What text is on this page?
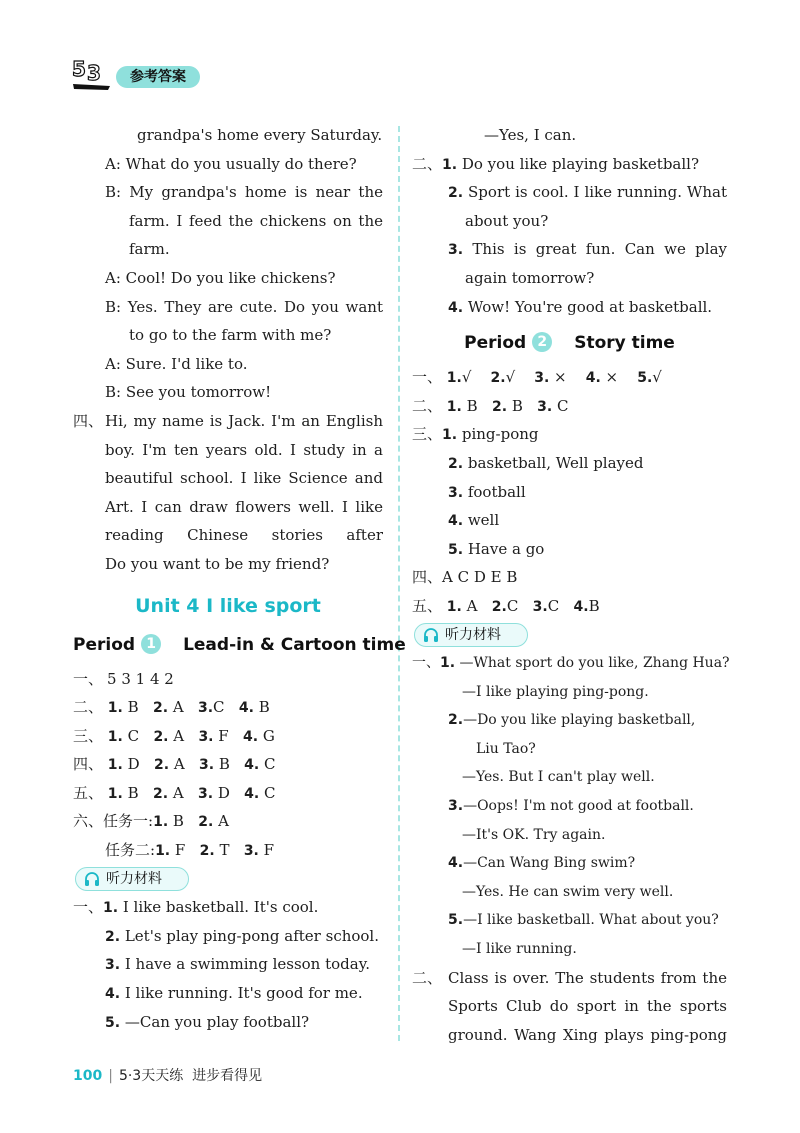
5 3	参考答案
grandpa's home every Saturday.
A: What do you usually do there?
B: My grandpa's home is near the
farm. I feed the chickens on the
farm.
A: Cool! Do you like chickens?
B: Yes. They are cute. Do you want
to go to the farm with me?
A: Sure. I'd like to.
B: See you tomorrow!
四、 Hi, my name is Jack. I'm an English
boy. I'm ten years old. I study in a
beautiful school. I like Science and
Art. I can draw flowers well. I like
reading Chinese stories after
Do you want to be my friend?
Unit 4 I like sport
Period 1 Lead-in & Cartoon time
一、 5 3 1 4 2
二、 1. B 2. A 3.C 4. B
三、 1. C 2. A 3. F 4. G
四、 1. D 2. A 3. B 4. C
五、 1. B 2. A 3. D 4. C
六、任务一:1. B 2. A
任务二:1. F 2. T 3. F
听力材料
一、1. I like basketball. It's cool.
2. Let's play ping-pong after school.
3. I have a swimming lesson today.
4. I like running. It's good for me.
5. —Can you play football?
—Yes, I can.
二、1. Do you like playing basketball?
2. Sport is cool. I like running. What
about you?
3. This is great fun. Can we play
again tomorrow?
4. Wow! You're good at basketball.
Period 2 Story time
一、 1.√ 2.√ 3. × 4. × 5.√
二、 1. B 2. B 3. C
三、1. ping-pong
2. basketball, Well played
3. football
4. well
5. Have a go
四、A C D E B
五、 1. A 2.C 3.C 4.B
听力材料
一、1. —What sport do you like, Zhang Hua?
—I like playing ping-pong.
2.—Do you like playing basketball,
Liu Tao?
—Yes. But I can't play well.
3.—Oops! I'm not good at football.
—It's OK. Try again.
4.—Can Wang Bing swim?
—Yes. He can swim very well.
5.—I like basketball. What about you?
—I like running.
二、 Class is over. The students from the
Sports Club do sport in the sports
ground. Wang Xing plays ping-pong
100 | 5·3天天练 进步看得见
